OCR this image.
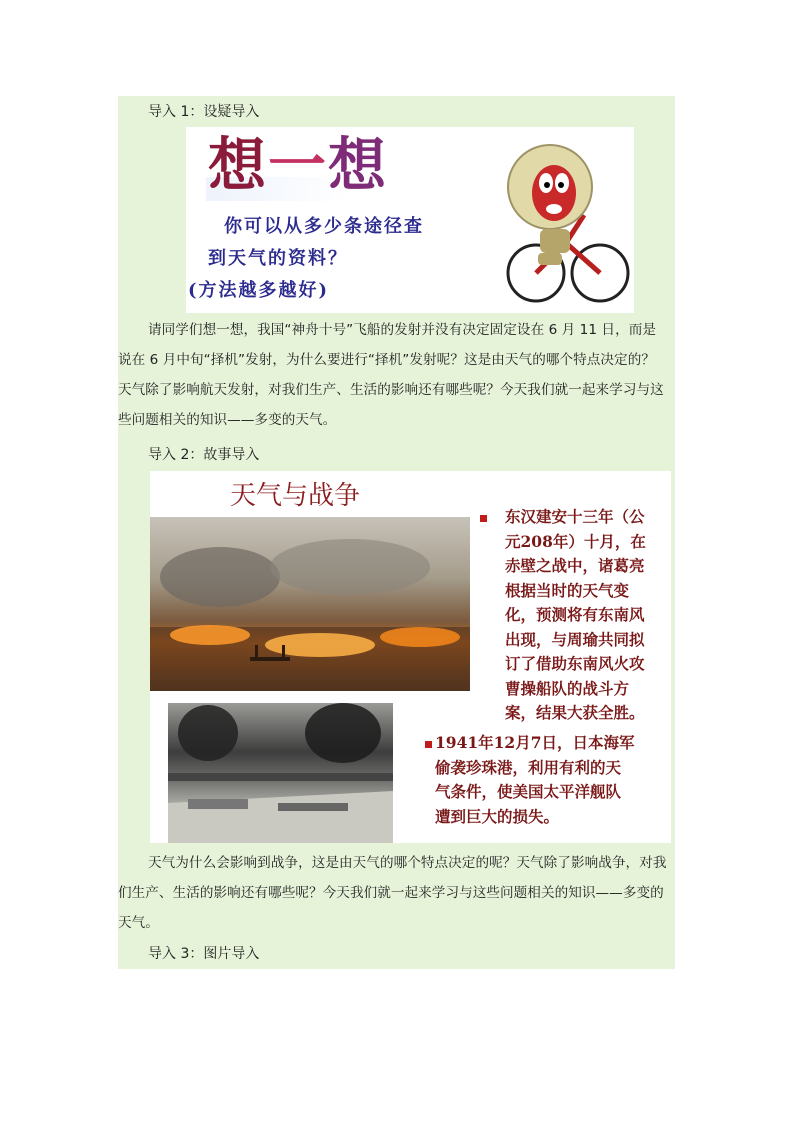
导入 1：设疑导入
想一想
你可以从多少条途径查
到天气的资料？
(方法越多越好)
请同学们想一想，我国“神舟十号”飞船的发射并没有决定固定设在 6 月 11 日，而是
说在 6 月中旬“择机”发射，为什么要进行“择机”发射呢？这是由天气的哪个特点决定的？
天气除了影响航天发射，对我们生产、生活的影响还有哪些呢？今天我们就一起来学习与这
些问题相关的知识——多变的天气。
导入 2：故事导入
天气与战争
东汉建安十三年（公
元208年）十月，在
赤壁之战中，诸葛亮
根据当时的天气变
化，预测将有东南风
出现，与周瑜共同拟
订了借助东南风火攻
曹操船队的战斗方
案，结果大获全胜。
1941年12月7日，日本海军
偷袭珍珠港，利用有利的天
气条件，使美国太平洋舰队
遭到巨大的损失。
天气为什么会影响到战争，这是由天气的哪个特点决定的呢？天气除了影响战争，对我
们生产、生活的影响还有哪些呢？今天我们就一起来学习与这些问题相关的知识——多变的
天气。
导入 3：图片导入
